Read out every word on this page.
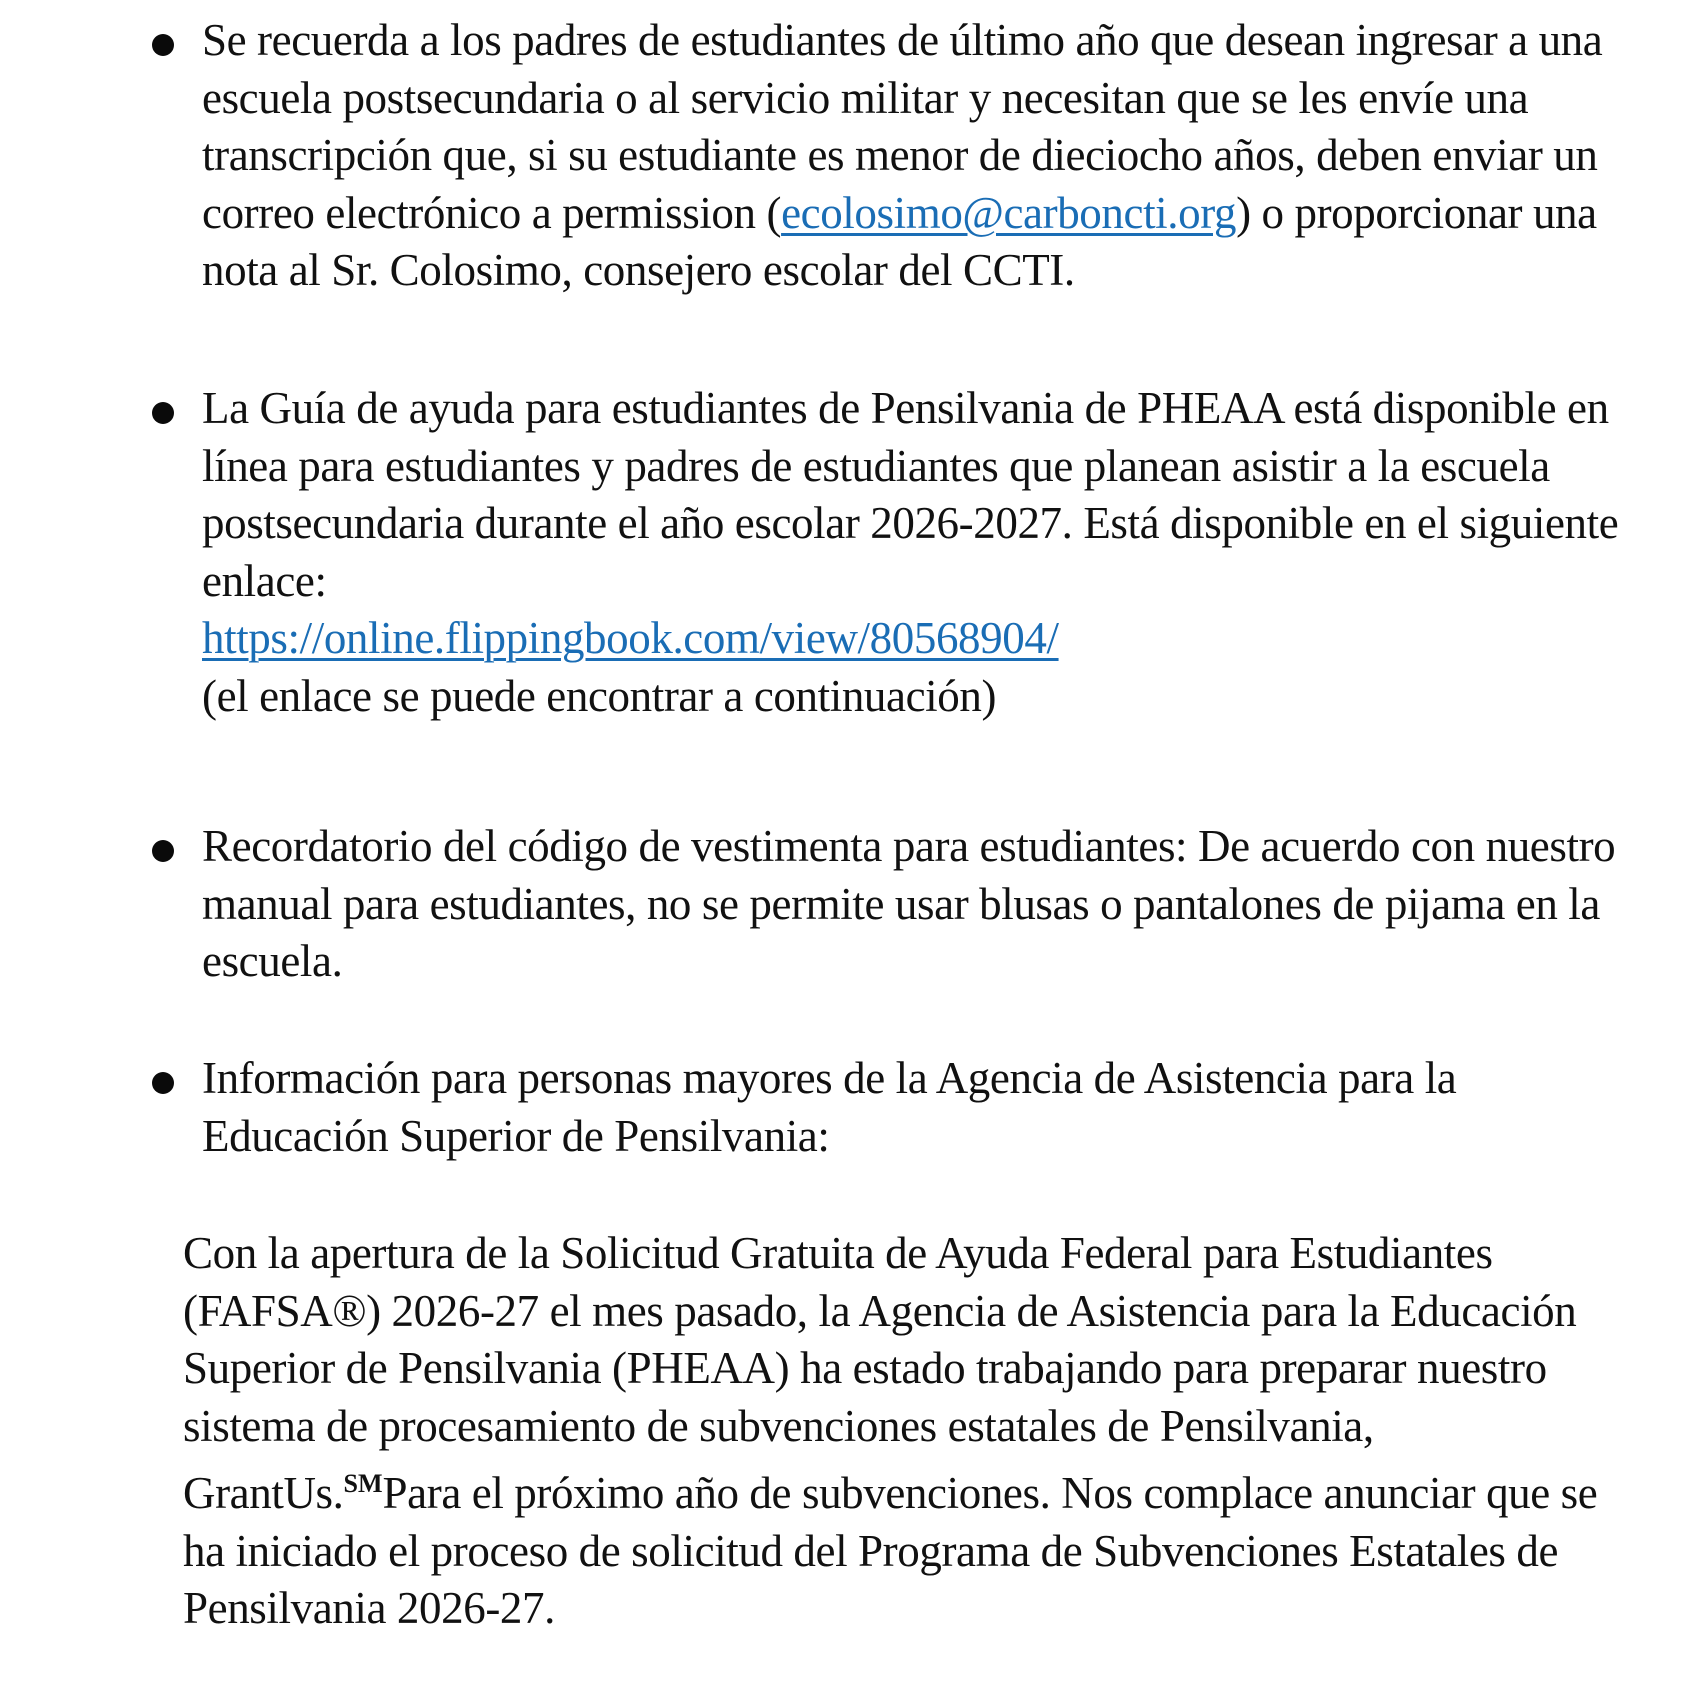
Se recuerda a los padres de estudiantes de último año que desean ingresar a una escuela postsecundaria o al servicio militar y necesitan que se les envíe una transcripción que, si su estudiante es menor de dieciocho años, deben enviar un correo electrónico a permission (ecolosimo@carboncti.org) o proporcionar una nota al Sr. Colosimo, consejero escolar del CCTI.
La Guía de ayuda para estudiantes de Pensilvania de PHEAA está disponible en línea para estudiantes y padres de estudiantes que planean asistir a la escuela postsecundaria durante el año escolar 2026-2027. Está disponible en el siguiente enlace:
https://online.flippingbook.com/view/80568904/
(el enlace se puede encontrar a continuación)
Recordatorio del código de vestimenta para estudiantes: De acuerdo con nuestro manual para estudiantes, no se permite usar blusas o pantalones de pijama en la escuela.
Información para personas mayores de la Agencia de Asistencia para la Educación Superior de Pensilvania:
Con la apertura de la Solicitud Gratuita de Ayuda Federal para Estudiantes (FAFSA®) 2026-27 el mes pasado, la Agencia de Asistencia para la Educación Superior de Pensilvania (PHEAA) ha estado trabajando para preparar nuestro sistema de procesamiento de subvenciones estatales de Pensilvania, GrantUs.℠Para el próximo año de subvenciones. Nos complace anunciar que se ha iniciado el proceso de solicitud del Programa de Subvenciones Estatales de Pensilvania 2026-27.
